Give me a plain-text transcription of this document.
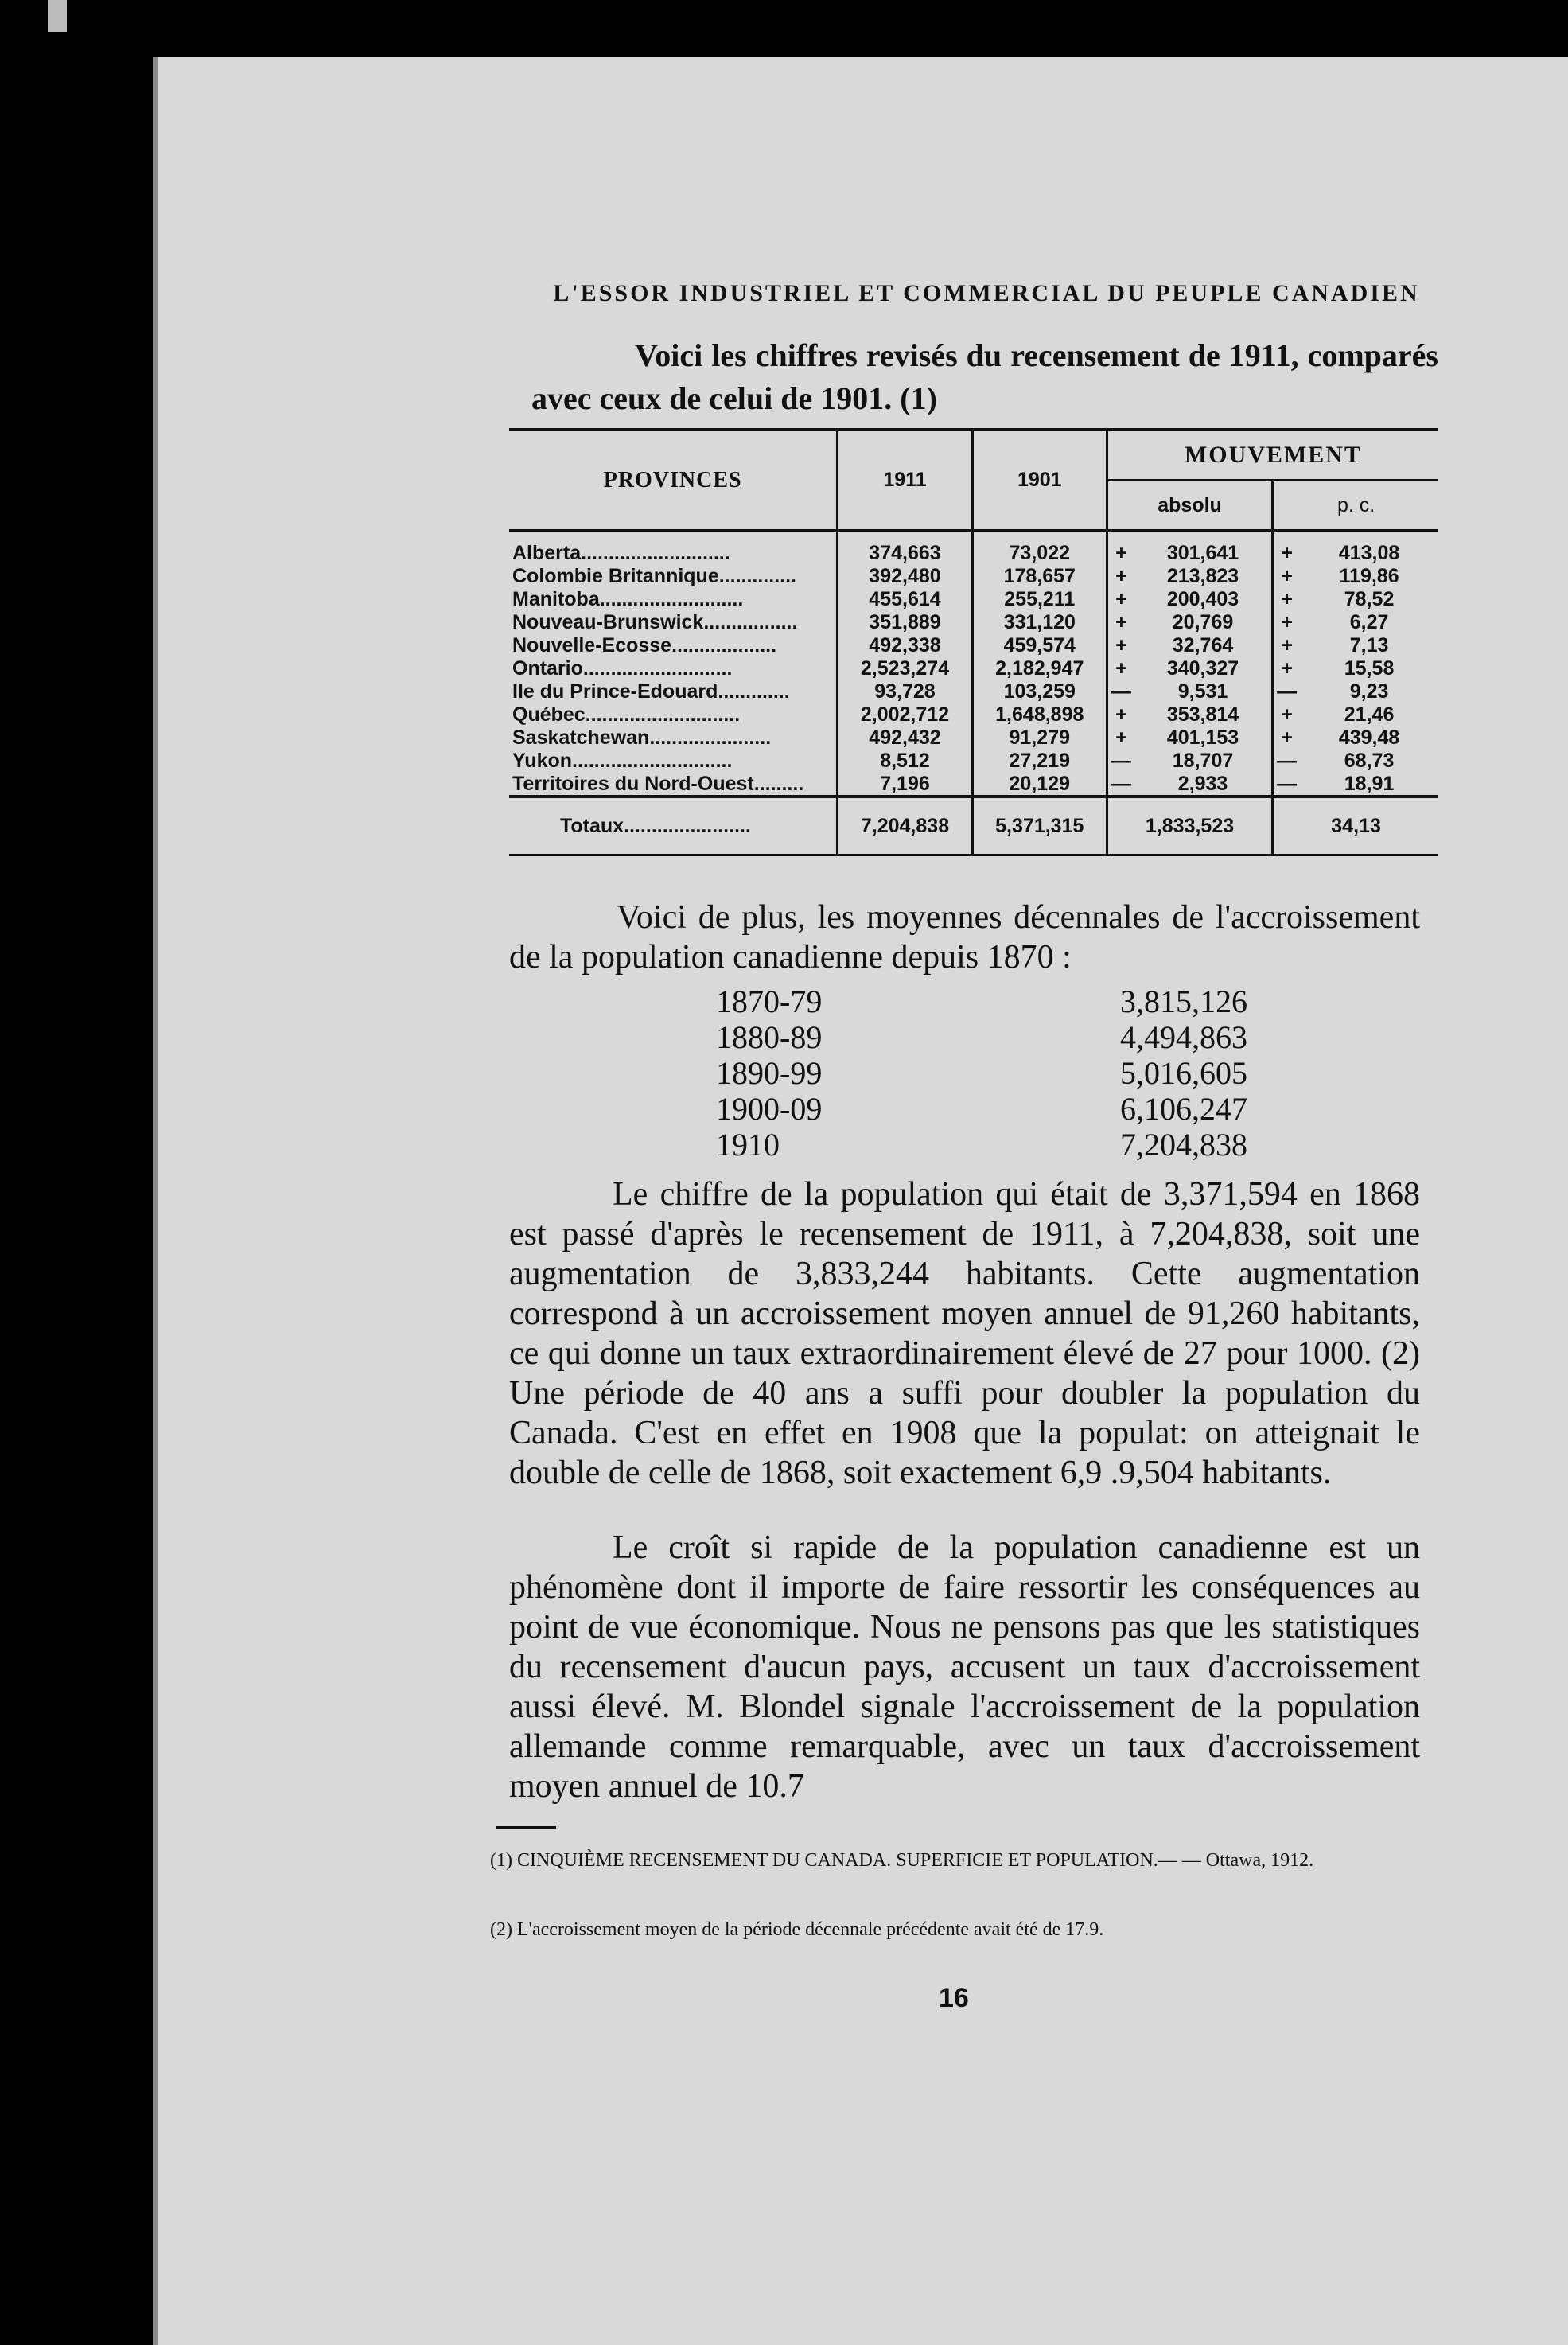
L'ESSOR INDUSTRIEL ET COMMERCIAL DU PEUPLE CANADIEN
Voici les chiffres revisés du recensement de 1911, comparés avec ceux de celui de 1901. (1)
PROVINCES	1911	1901	MOUVEMENT			
			absolu		p. c.	
Alberta...........................	374,663	73,022	+	301,641	+	413,08
Colombie Britannique..............	392,480	178,657	+	213,823	+	119,86
Manitoba..........................	455,614	255,211	+	200,403	+	78,52
Nouveau-Brunswick.................	351,889	331,120	+	20,769	+	6,27
Nouvelle-Ecosse...................	492,338	459,574	+	32,764	+	7,13
Ontario...........................	2,523,274	2,182,947	+	340,327	+	15,58
Ile du Prince-Edouard.............	93,728	103,259	—	9,531	—	9,23
Québec............................	2,002,712	1,648,898	+	353,814	+	21,46
Saskatchewan......................	492,432	91,279	+	401,153	+	439,48
Yukon.............................	8,512	27,219	—	18,707	—	68,73
Territoires du Nord-Ouest.........	7,196	20,129	—	2,933	—	18,91
Totaux.......................	7,204,838	5,371,315	1,833,523		34,13	
Voici de plus, les moyennes décennales de l'accroissement de la population canadienne depuis 1870 :
1870-79	3,815,126
1880-89	4,494,863
1890-99	5,016,605
1900-09	6,106,247
1910	7,204,838
Le chiffre de la population qui était de 3,371,594 en 1868 est passé d'après le recensement de 1911, à 7,204,838, soit une augmentation de 3,833,244 habitants. Cette augmentation correspond à un accroissement moyen annuel de 91,260 habitants, ce qui donne un taux extraordinairement élevé de 27 pour 1000. (2) Une période de 40 ans a suffi pour doubler la population du Canada. C'est en effet en 1908 que la populat: on atteignait le double de celle de 1868, soit exactement 6,9 .9,504 habitants.
Le croît si rapide de la population canadienne est un phénomène dont il importe de faire ressortir les conséquences au point de vue économique. Nous ne pensons pas que les statistiques du recensement d'aucun pays, accusent un taux d'accroissement aussi élevé. M. Blondel signale l'accroissement de la population allemande comme remarquable, avec un taux d'accroissement moyen annuel de 10.7
(1) CINQUIÈME RECENSEMENT DU CANADA. SUPERFICIE ET POPULATION.— — Ottawa, 1912.
(2) L'accroissement moyen de la période décennale précédente avait été de 17.9.
16
